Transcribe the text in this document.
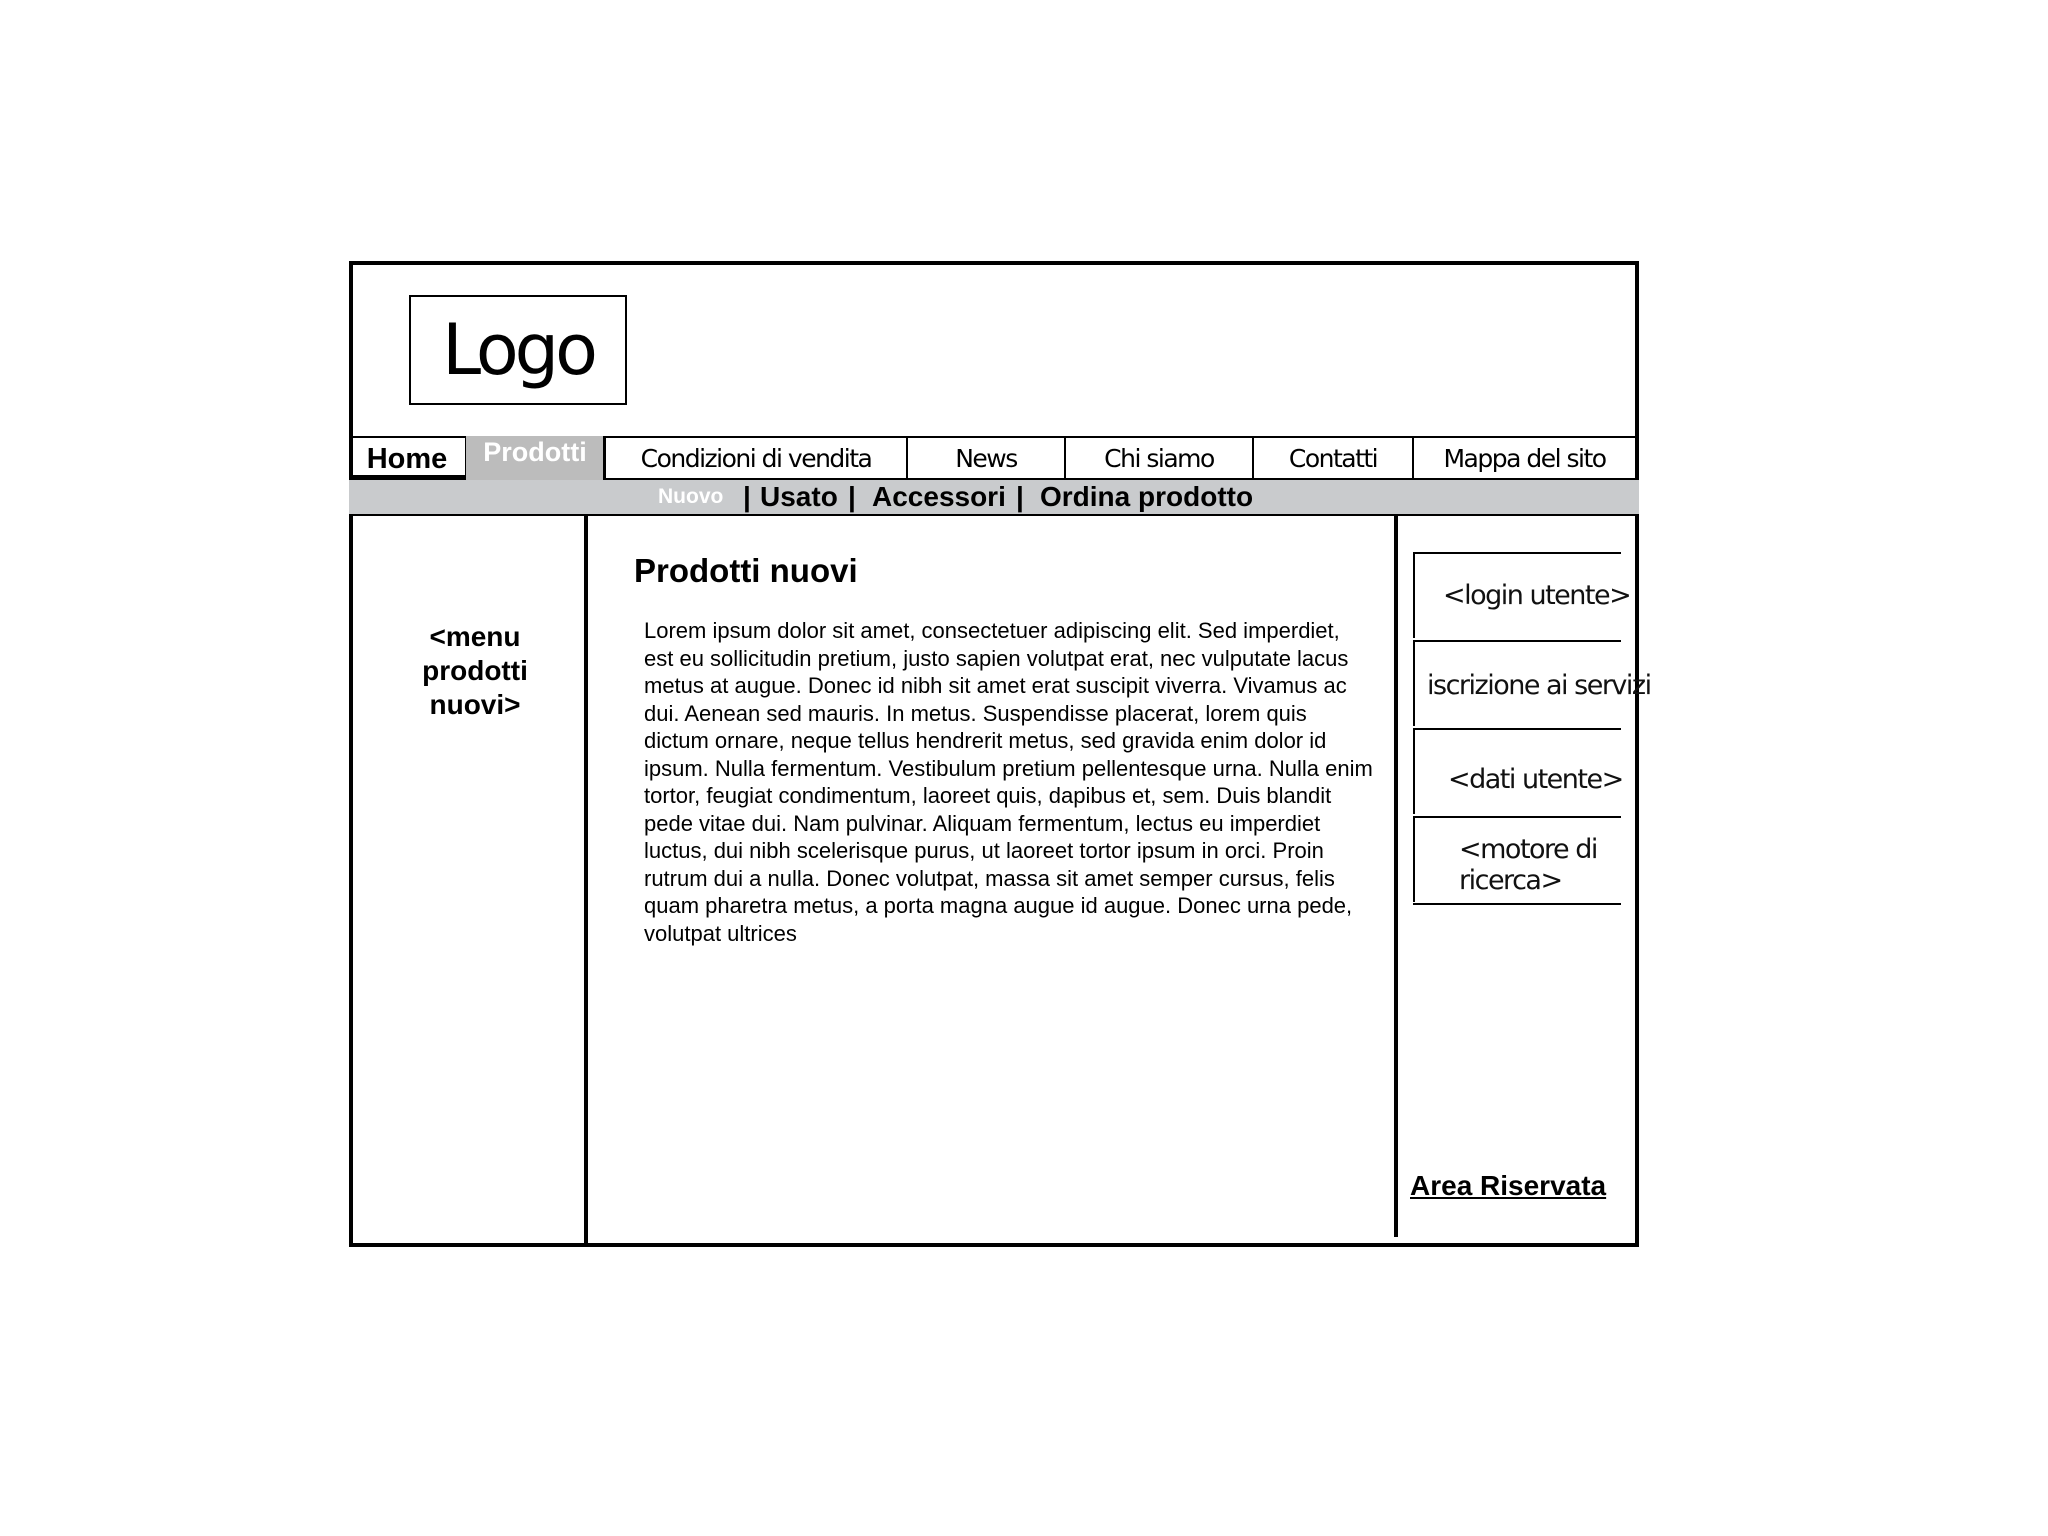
Logo
Home	Prodotti	Condizioni di vendita	News	Chi siamo	Contatti	Mappa del sito
Nuovo | Usato | Accessori | Ordina prodotto
<menu
prodotti
nuovi>
Prodotti nuovi
Lorem ipsum dolor sit amet, consectetuer adipiscing elit. Sed imperdiet, est eu sollicitudin pretium, justo sapien volutpat erat, nec vulputate lacus metus at augue. Donec id nibh sit amet erat suscipit viverra. Vivamus ac dui. Aenean sed mauris. In metus. Suspendisse placerat, lorem quis dictum ornare, neque tellus hendrerit metus, sed gravida enim dolor id ipsum. Nulla fermentum. Vestibulum pretium pellentesque urna. Nulla enim tortor, feugiat condimentum, laoreet quis, dapibus et, sem. Duis blandit pede vitae dui. Nam pulvinar. Aliquam fermentum, lectus eu imperdiet luctus, dui nibh scelerisque purus, ut laoreet tortor ipsum in orci. Proin rutrum dui a nulla. Donec volutpat, massa sit amet semper cursus, felis quam pharetra metus, a porta magna augue id augue. Donec urna pede, volutpat ultrices
<login utente>
iscrizione ai servizi
<dati utente>
<motore di
ricerca>
Area Riservata
